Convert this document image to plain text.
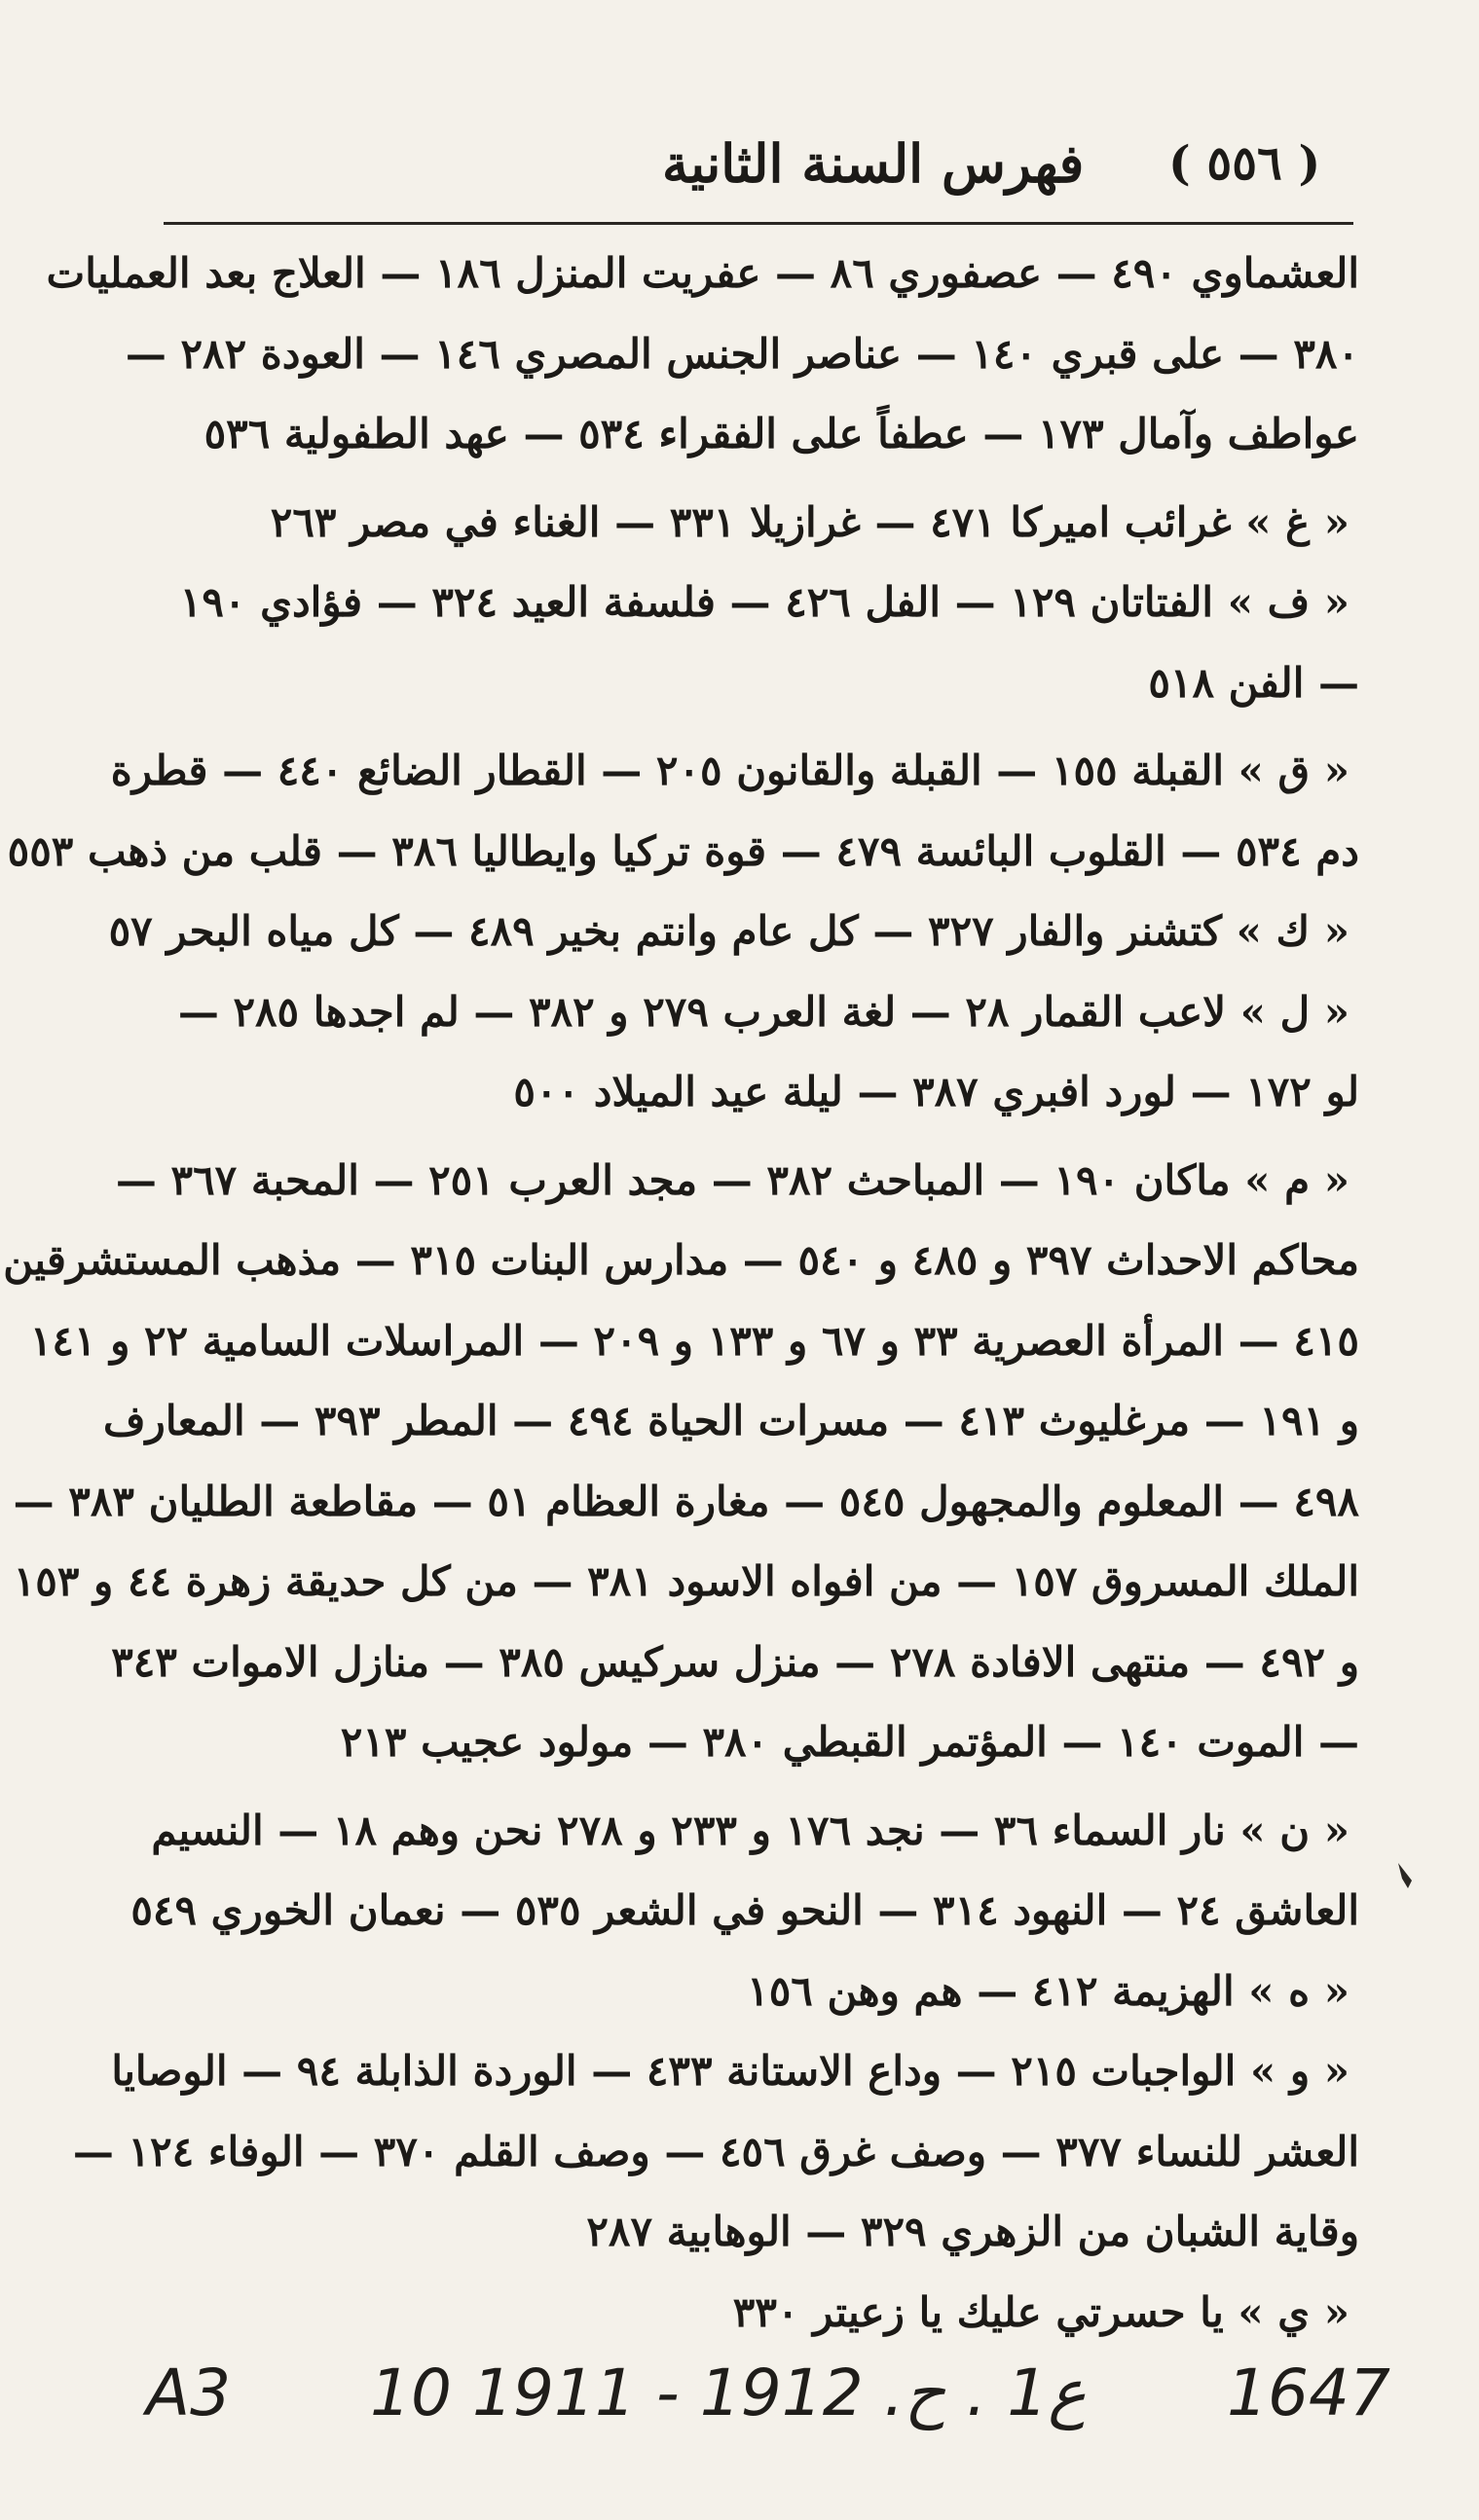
( ٥٥٦ )
فهرس السنة الثانية
العشماوي ٤٩٠ — عصفوري ٨٦ — عفريت المنزل ١٨٦ — العلاج بعد العمليات
٣٨٠ — على قبري ١٤٠ — عناصر الجنس المصري ١٤٦ — العودة ٢٨٢ —
عواطف وآمال ١٧٣ — عطفاً على الفقراء ٥٣٤ — عهد الطفولية ٥٣٦
« غ » غرائب اميركا ٤٧١ — غرازيلا ٣٣١ — الغناء في مصر ٢٦٣
« ف » الفتاتان ١٢٩ — الفل ٤٢٦ — فلسفة العيد ٣٢٤ — فؤادي ١٩٠
— الفن ٥١٨
« ق » القبلة ١٥٥ — القبلة والقانون ٢٠٥ — القطار الضائع ٤٤٠ — قطرة
دم ٥٣٤ — القلوب البائسة ٤٧٩ — قوة تركيا وايطاليا ٣٨٦ — قلب من ذهب ٥٥٣
« ك » كتشنر والفار ٣٢٧ — كل عام وانتم بخير ٤٨٩ — كل مياه البحر ٥٧
« ل » لاعب القمار ٢٨ — لغة العرب ٢٧٩ و ٣٨٢ — لم اجدها ٢٨٥ —
لو ١٧٢ — لورد افبري ٣٨٧ — ليلة عيد الميلاد ٥٠٠
« م » ماكان ١٩٠ — المباحث ٣٨٢ — مجد العرب ٢٥١ — المحبة ٣٦٧ —
محاكم الاحداث ٣٩٧ و ٤٨٥ و ٥٤٠ — مدارس البنات ٣١٥ — مذهب المستشرقين
٤١٥ — المرأة العصرية ٣٣ و ٦٧ و ١٣٣ و ٢٠٩ — المراسلات السامية ٢٢ و ١٤١
و ١٩١ — مرغليوث ٤١٣ — مسرات الحياة ٤٩٤ — المطر ٣٩٣ — المعارف
٤٩٨ — المعلوم والمجهول ٥٤٥ — مغارة العظام ٥١ — مقاطعة الطليان ٣٨٣ —
الملك المسروق ١٥٧ — من افواه الاسود ٣٨١ — من كل حديقة زهرة ٤٤ و ١٥٣
و ٤٩٢ — منتهى الافادة ٢٧٨ — منزل سركيس ٣٨٥ — منازل الاموات ٣٤٣
— الموت ١٤٠ — المؤتمر القبطي ٣٨٠ — مولود عجيب ٢١٣
« ن » نار السماء ٣٦ — نجد ١٧٦ و ٢٣٣ و ٢٧٨ نحن وهم ١٨ — النسيم
العاشق ٢٤ — النهود ٣١٤ — النحو في الشعر ٥٣٥ — نعمان الخوري ٥٤٩
« ه » الهزيمة ٤١٢ — هم وهن ١٥٦
« و » الواجبات ٢١٥ — وداع الاستانة ٤٣٣ — الوردة الذابلة ٩٤ — الوصايا
العشر للنساء ٣٧٧ — وصف غرق ٤٥٦ — وصف القلم ٣٧٠ — الوفاء ١٢٤ —
وقاية الشبان من الزهري ٣٢٩ — الوهابية ٢٨٧
« ي » يا حسرتي عليك يا زعيتر ٣٣٠
A3 10 ع1 . ح. 1912 - 1911 1647
